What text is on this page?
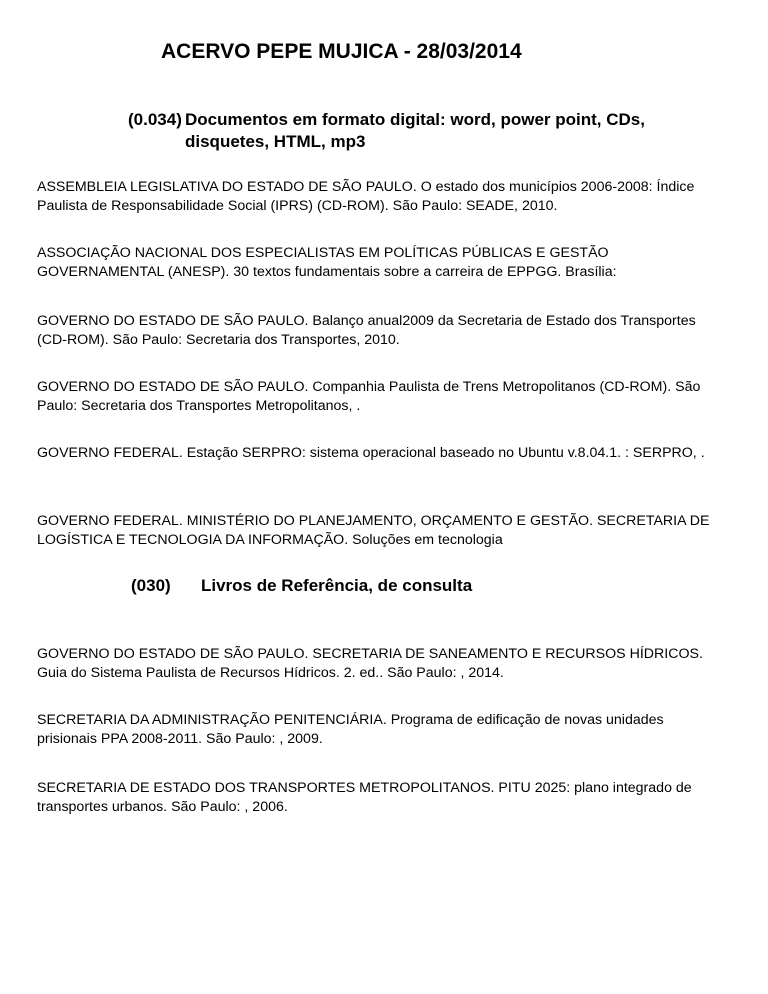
ACERVO PEPE MUJICA - 28/03/2014
(0.034) Documentos em formato digital: word, power point, CDs, disquetes, HTML, mp3
ASSEMBLEIA LEGISLATIVA DO ESTADO DE SÃO PAULO. O estado dos municípios 2006-2008: Índice Paulista de Responsabilidade Social (IPRS) (CD-ROM). São Paulo: SEADE, 2010.
ASSOCIAÇÃO NACIONAL DOS ESPECIALISTAS EM POLÍTICAS PÚBLICAS E GESTÃO GOVERNAMENTAL (ANESP). 30 textos fundamentais sobre a carreira de EPPGG. Brasília:
GOVERNO DO ESTADO DE SÃO PAULO. Balanço anual2009 da Secretaria de Estado dos Transportes (CD-ROM). São Paulo: Secretaria dos Transportes, 2010.
GOVERNO DO ESTADO DE SÃO PAULO. Companhia Paulista de Trens Metropolitanos (CD-ROM). São Paulo: Secretaria dos Transportes Metropolitanos, .
GOVERNO FEDERAL. Estação SERPRO: sistema operacional baseado no Ubuntu v.8.04.1. : SERPRO, .
GOVERNO FEDERAL. MINISTÉRIO DO PLANEJAMENTO, ORÇAMENTO E GESTÃO. SECRETARIA DE LOGÍSTICA E TECNOLOGIA DA INFORMAÇÃO. Soluções em tecnologia
(030) Livros de Referência, de consulta
GOVERNO DO ESTADO DE SÃO PAULO. SECRETARIA DE SANEAMENTO E RECURSOS HÍDRICOS. Guia do Sistema Paulista de Recursos Hídricos. 2. ed.. São Paulo: , 2014.
SECRETARIA DA ADMINISTRAÇÃO PENITENCIÁRIA. Programa de edificação de novas unidades prisionais PPA 2008-2011. São Paulo: , 2009.
SECRETARIA DE ESTADO DOS TRANSPORTES METROPOLITANOS. PITU 2025: plano integrado de transportes urbanos. São Paulo: , 2006.
